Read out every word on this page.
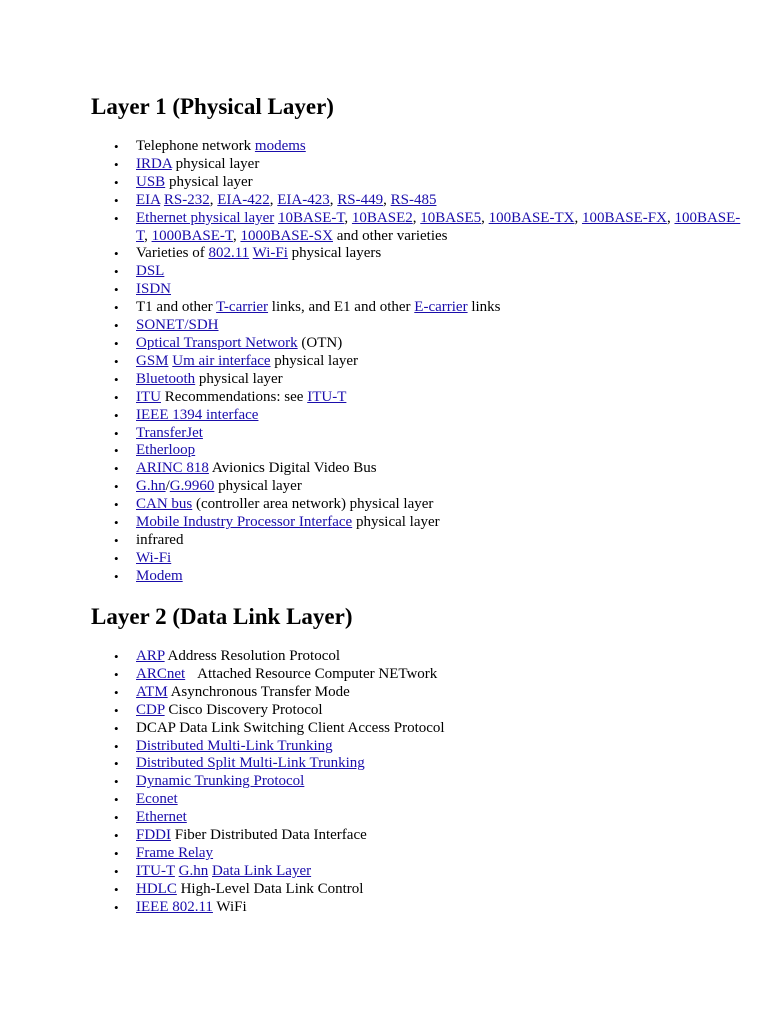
Layer 1 (Physical Layer)
• Telephone network modems
• IRDA physical layer
• USB physical layer
• EIA RS-232, EIA-422, EIA-423, RS-449, RS-485
• Ethernet physical layer 10BASE-T, 10BASE2, 10BASE5, 100BASE-TX, 100BASE-FX, 100BASE-T, 1000BASE-T, 1000BASE-SX and other varieties
• Varieties of 802.11 Wi-Fi physical layers
• DSL
• ISDN
• T1 and other T-carrier links, and E1 and other E-carrier links
• SONET/SDH
• Optical Transport Network (OTN)
• GSM Um air interface physical layer
• Bluetooth physical layer
• ITU Recommendations: see ITU-T
• IEEE 1394 interface
• TransferJet
• Etherloop
• ARINC 818 Avionics Digital Video Bus
• G.hn/G.9960 physical layer
• CAN bus (controller area network) physical layer
• Mobile Industry Processor Interface physical layer
• infrared
• Wi-Fi
• Modem
Layer 2 (Data Link Layer)
• ARP Address Resolution Protocol
• ARCnet Attached Resource Computer NETwork
• ATM Asynchronous Transfer Mode
• CDP Cisco Discovery Protocol
• DCAP Data Link Switching Client Access Protocol
• Distributed Multi-Link Trunking
• Distributed Split Multi-Link Trunking
• Dynamic Trunking Protocol
• Econet
• Ethernet
• FDDI Fiber Distributed Data Interface
• Frame Relay
• ITU-T G.hn Data Link Layer
• HDLC High-Level Data Link Control
• IEEE 802.11 WiFi
